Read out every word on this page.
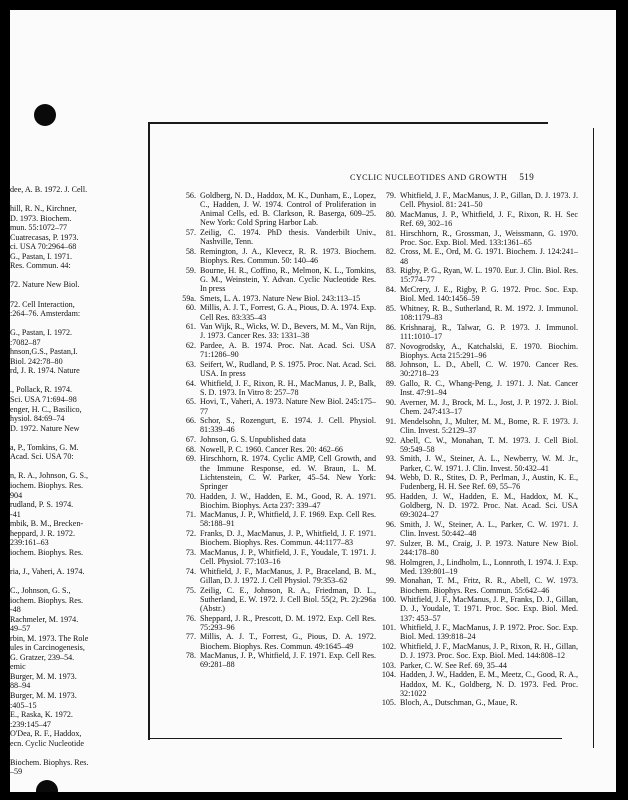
dee, A. B. 1972. J. Cell.
hill, R. N., Kirchner,
D. 1973. Biochem.
mun. 55:1072–77
Cuatrecasas, P. 1973.
ci. USA 70:2964–68
G., Pastan, I. 1971.
Res. Commun. 44:
72. Nature New Biol.
72. Cell Interaction,
:264–76. Amsterdam:
G., Pastan, I. 1972.
:7082–87
hnson,G.S., Pastan,I.
Biol. 242:78–80
rd, J. R. 1974. Nature
., Pollack, R. 1974.
Sci. USA 71:694–98
enger, H. C., Basilico,
hysiol. 84:69–74
D. 1972. Nature New
a, P., Tomkins, G. M.
Acad. Sci. USA 70:
n, R. A., Johnson, G. S.,
iochem. Biophys. Res.
904
rudland, P. S. 1974.
-41
mbik, B. M., Brecken-
heppard, J. R. 1972.
239:161–63
iochem. Biophys. Res.
ria, J., Vaheri, A. 1974.
C., Johnson, G. S.,
iochem. Biophys. Res.
-48
Rachmeler, M. 1974.
49–57
rbin, M. 1973. The Role
ules in Carcinogenesis,
G. Gratzer, 239–54.
emic
Burger, M. M. 1973.
88–94
Burger, M. M. 1973.
:405–15
E., Raska, K. 1972.
:239:145–47
O'Dea, R. F., Haddox,
ecn. Cyclic Nucleotide
Biochem. Biophys. Res.
–59
CYCLIC NUCLEOTIDES AND GROWTH 519
56. Goldberg, N. D., Haddox, M. K., Dunham, E., Lopez, C., Hadden, J. W. 1974. Control of Proliferation in Animal Cells, ed. B. Clarkson, R. Baserga, 609–25. New York: Cold Spring Harbor Lab.
57. Zeilig, C. 1974. PhD thesis. Vanderbilt Univ., Nashville, Tenn.
58. Remington, J. A., Klevecz, R. R. 1973. Biochem. Biophys. Res. Commun. 50: 140–46
59. Bourne, H. R., Coffino, R., Melmon, K. L., Tomkins, G. M., Weinstein, Y. Advan. Cyclic Nucleotide Res. In press
59a. Smets, L. A. 1973. Nature New Biol. 243:113–15
60. Millis, A. J. T., Forrest, G. A., Pious, D. A. 1974. Exp. Cell Res. 83:335–43
61. Van Wijk, R., Wicks, W. D., Bevers, M. M., Van Rijn, J. 1973. Cancer Res. 33: 1331–38
62. Pardee, A. B. 1974. Proc. Nat. Acad. Sci. USA 71:1286–90
63. Seifert, W., Rudland, P. S. 1975. Proc. Nat. Acad. Sci. USA. In press
64. Whitfield, J. F., Rixon, R. H., MacManus, J. P., Balk, S. D. 1973. In Vitro 8: 257–78
65. Hovi, T., Vaheri, A. 1973. Nature New Biol. 245:175–77
66. Schor, S., Rozengurt, E. 1974. J. Cell. Physiol. 81:339–46
67. Johnson, G. S. Unpublished data
68. Nowell, P. C. 1960. Cancer Res. 20: 462–66
69. Hirschhorn, R. 1974. Cyclic AMP, Cell Growth, and the Immune Response, ed. W. Braun, L. M. Lichtenstein, C. W. Parker, 45–54. New York: Springer
70. Hadden, J. W., Hadden, E. M., Good, R. A. 1971. Biochim. Biophys. Acta 237: 339–47
71. MacManus, J. P., Whitfield, J. F. 1969. Exp. Cell Res. 58:188–91
72. Franks, D. J., MacManus, J. P., Whitfield, J. F. 1971. Biochem. Biophys. Res. Commun. 44:1177–83
73. MacManus, J. P., Whitfield, J. F., Youdale, T. 1971. J. Cell. Physiol. 77:103–16
74. Whitfield, J. F., MacManus, J. P., Braceland, B. M., Gillan, D. J. 1972. J. Cell Physiol. 79:353–62
75. Zeilig, C. E., Johnson, R. A., Friedman, D. L., Sutherland, E. W. 1972. J. Cell Biol. 55(2, Pt. 2):296a (Abstr.)
76. Sheppard, J. R., Prescott, D. M. 1972. Exp. Cell Res. 75:293–96
77. Millis, A. J. T., Forrest, G., Pious, D. A. 1972. Biochem. Biophys. Res. Commun. 49:1645–49
78. MacManus, J. P., Whitfield, J. F. 1971. Exp. Cell Res. 69:281–88
79. Whitfield, J. F., MacManus, J. P., Gillan, D. J. 1973. J. Cell. Physiol. 81: 241–50
80. MacManus, J. P., Whitfield, J. F., Rixon, R. H. Sec Ref. 69, 302–16
81. Hirschhorn, R., Grossman, J., Weissmann, G. 1970. Proc. Soc. Exp. Biol. Med. 133:1361–65
82. Cross, M. E., Ord, M. G. 1971. Biochem. J. 124:241–48
83. Rigby, P. G., Ryan, W. L. 1970. Eur. J. Clin. Biol. Res. 15:774–77
84. McCrery, J. E., Rigby, P. G. 1972. Proc. Soc. Exp. Biol. Med. 140:1456–59
85. Whitney, R. B., Sutherland, R. M. 1972. J. Immunol. 108:1179–83
86. Krishnaraj, R., Talwar, G. P. 1973. J. Immunol. 111:1010–17
87. Novogrodsky, A., Katchalski, E. 1970. Biochim. Biophys. Acta 215:291–96
88. Johnson, L. D., Abell, C. W. 1970. Cancer Res. 30:2718–23
89. Gallo, R. C., Whang-Peng, J. 1971. J. Nat. Cancer Inst. 47:91–94
90. Averner, M. J., Brock, M. L., Jost, J. P. 1972. J. Biol. Chem. 247:413–17
91. Mendelsohn, J., Multer, M. M., Bome, R. F. 1973. J. Clin. Invest. 5:2129–37
92. Abell, C. W., Monahan, T. M. 1973. J. Cell Biol. 59:549–58
93. Smith, J. W., Steiner, A. L., Newberry, W. M. Jr., Parker, C. W. 1971. J. Clin. Invest. 50:432–41
94. Webb, D. R., Stites, D. P., Perlman, J., Austin, K. E., Fudenberg, H. H. See Ref. 69, 55–76
95. Hadden, J. W., Hadden, E. M., Haddox, M. K., Goldberg, N. D. 1972. Proc. Nat. Acad. Sci. USA 69:3024–27
96. Smith, J. W., Steiner, A. L., Parker, C. W. 1971. J. Clin. Invest. 50:442–48
97. Sulzer, B. M., Craig, J. P. 1973. Nature New Biol. 244:178–80
98. Holmgren, J., Lindholm, L., Lonnroth, I. 1974. J. Exp. Med. 139:801–19
99. Monahan, T. M., Fritz, R. R., Abell, C. W. 1973. Biochem. Biophys. Res. Commun. 55:642–46
100. Whitfield, J. F., MacManus, J. P., Franks, D. J., Gillan, D. J., Youdale, T. 1971. Proc. Soc. Exp. Biol. Med. 137: 453–57
101. Whitfield, J. F., MacManus, J. P. 1972. Proc. Soc. Exp. Biol. Med. 139:818–24
102. Whitfield, J. F., MacManus, J. P., Rixon, R. H., Gillan, D. J. 1973. Proc. Soc. Exp. Biol. Med. 144:808–12
103. Parker, C. W. See Ref. 69, 35–44
104. Hadden, J. W., Hadden, E. M., Meetz, C., Good, R. A., Haddox, M. K., Goldberg, N. D. 1973. Fed. Proc. 32:1022
105. Bloch, A., Dutschman, G., Maue, R.
